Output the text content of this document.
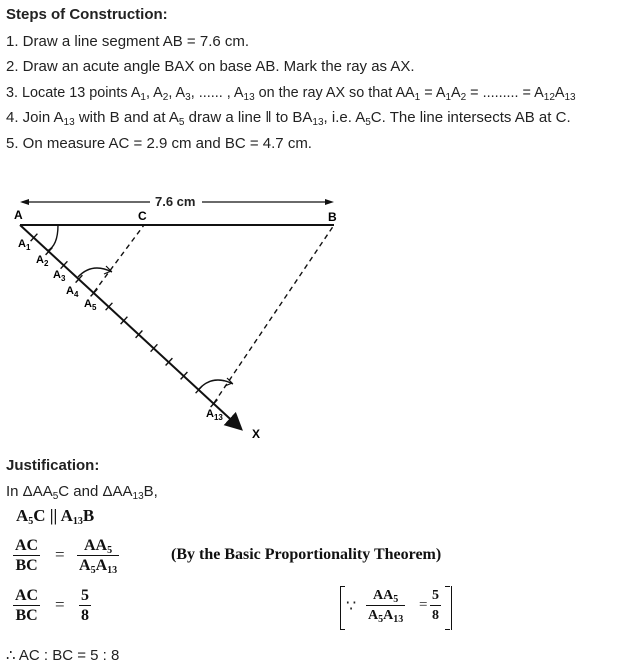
Steps of Construction:
1. Draw a line segment AB = 7.6 cm.
2. Draw an acute angle BAX on base AB. Mark the ray as AX.
3. Locate 13 points $A_1$, $A_2$, $A_3$, ...... , $A_{13}$ on the ray AX so that $AA_1 = A_1A_2$ = ......... = $A_{12}A_{13}$
4. Join $A_{13}$ with B and at $A_5$ draw a line ‖ to $BA_{13}$, i.e. $A_5C$. The line intersects AB at C.
5. On measure AC = 2.9 cm and BC = 4.7 cm.
7.6 cm
A	B
C
X
$A_1$
$A_2$
$A_3$
$A_4$
$A_5$
$A_{13}$
Justification:
In $\Delta AA_5C$ and $\Delta AA_{13}B$,
$A_5C$ || $A_{13}B$
$\frac{AC}{BC} = \frac{AA_5}{A_5A_{13}}$	(By the Basic Proportionality Theorem)
$\frac{AC}{BC} = \frac{5}{8}$	∵ $\frac{AA_5}{A_5A_{13}} = \frac{5}{8}$
∴ AC : BC = 5 : 8
